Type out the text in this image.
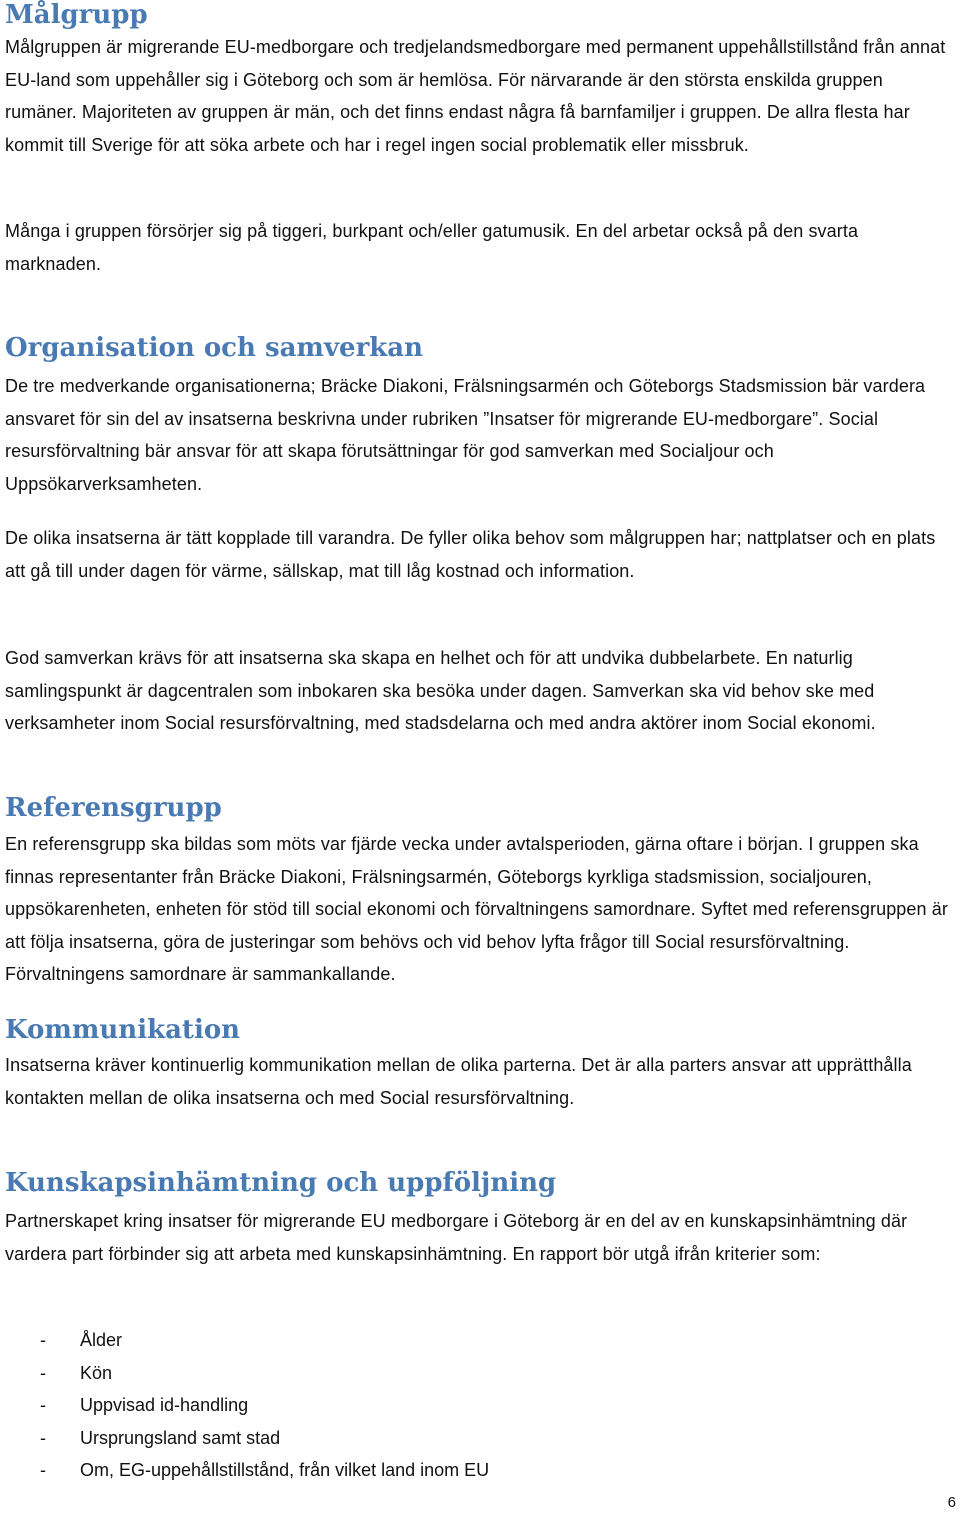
Målgrupp

Målgruppen är migrerande EU-medborgare och tredjelandsmedborgare med permanent uppehållstillstånd från annat EU-land som uppehåller sig i Göteborg och som är hemlösa. För närvarande är den största enskilda gruppen rumäner. Majoriteten av gruppen är män, och det finns endast några få barnfamiljer i gruppen. De allra flesta har kommit till Sverige för att söka arbete och har i regel ingen social problematik eller missbruk.

Många i gruppen försörjer sig på tiggeri, burkpant och/eller gatumusik. En del arbetar också på den svarta marknaden.

Organisation och samverkan

De tre medverkande organisationerna; Bräcke Diakoni, Frälsningsarmén och Göteborgs Stadsmission bär vardera ansvaret för sin del av insatserna beskrivna under rubriken ”Insatser för migrerande EU-medborgare”. Social resursförvaltning bär ansvar för att skapa förutsättningar för god samverkan med Socialjour och Uppsökarverksamheten.

De olika insatserna är tätt kopplade till varandra. De fyller olika behov som målgruppen har; nattplatser och en plats att gå till under dagen för värme, sällskap, mat till låg kostnad och information.

God samverkan krävs för att insatserna ska skapa en helhet och för att undvika dubbelarbete. En naturlig samlingspunkt är dagcentralen som inbokaren ska besöka under dagen. Samverkan ska vid behov ske med verksamheter inom Social resursförvaltning, med stadsdelarna och med andra aktörer inom Social ekonomi.

Referensgrupp

En referensgrupp ska bildas som möts var fjärde vecka under avtalsperioden, gärna oftare i början. I gruppen ska finnas representanter från Bräcke Diakoni, Frälsningsarmén, Göteborgs kyrkliga stadsmission, socialjouren, uppsökarenheten, enheten för stöd till social ekonomi och förvaltningens samordnare. Syftet med referensgruppen är att följa insatserna, göra de justeringar som behövs och vid behov lyfta frågor till Social resursförvaltning. Förvaltningens samordnare är sammankallande.

Kommunikation

Insatserna kräver kontinuerlig kommunikation mellan de olika parterna. Det är alla parters ansvar att upprätthålla kontakten mellan de olika insatserna och med Social resursförvaltning.

Kunskapsinhämtning och uppföljning

Partnerskapet kring insatser för migrerande EU medborgare i Göteborg är en del av en kunskapsinhämtning där vardera part förbinder sig att arbeta med kunskapsinhämtning. En rapport bör utgå ifrån kriterier som:

- Ålder
- Kön
- Uppvisad id-handling
- Ursprungsland samt stad
- Om, EG-uppehållstillstånd, från vilket land inom EU
6
